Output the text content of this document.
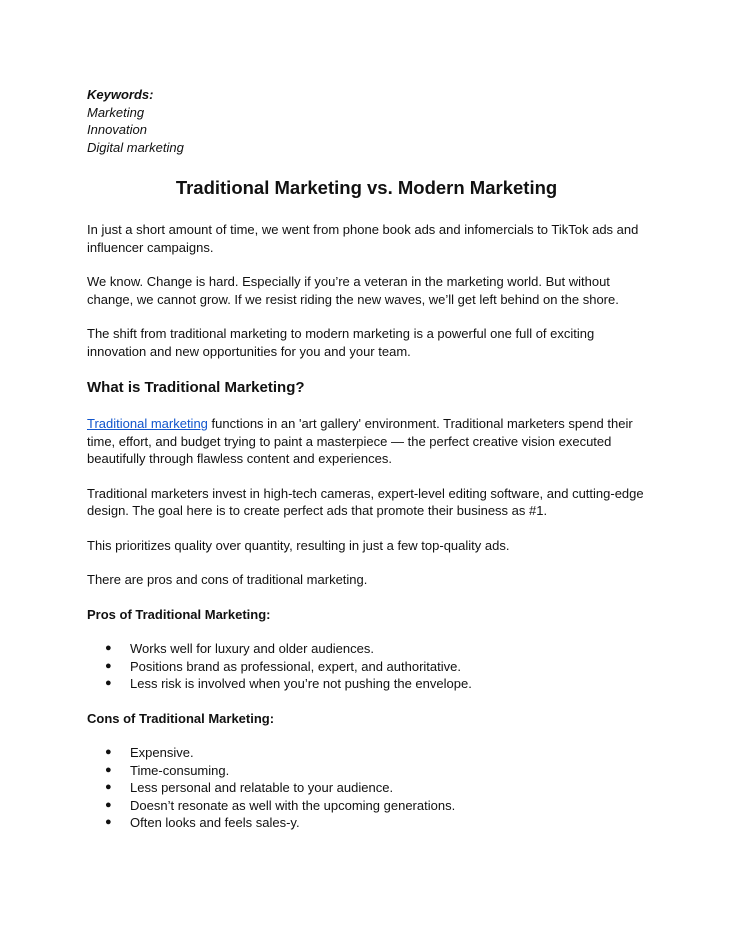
Keywords:
Marketing
Innovation
Digital marketing
Traditional Marketing vs. Modern Marketing

In just a short amount of time, we went from phone book ads and infomercials to TikTok ads and influencer campaigns.

We know. Change is hard. Especially if you’re a veteran in the marketing world. But without change, we cannot grow. If we resist riding the new waves, we’ll get left behind on the shore.

The shift from traditional marketing to modern marketing is a powerful one full of exciting innovation and new opportunities for you and your team.

What is Traditional Marketing?

Traditional marketing functions in an 'art gallery' environment. Traditional marketers spend their time, effort, and budget trying to paint a masterpiece — the perfect creative vision executed beautifully through flawless content and experiences.

Traditional marketers invest in high-tech cameras, expert-level editing software, and cutting-edge design. The goal here is to create perfect ads that promote their business as #1.

This prioritizes quality over quantity, resulting in just a few top-quality ads.

There are pros and cons of traditional marketing.

Pros of Traditional Marketing:
● Works well for luxury and older audiences.
● Positions brand as professional, expert, and authoritative.
● Less risk is involved when you’re not pushing the envelope.
Cons of Traditional Marketing:
● Expensive.
● Time-consuming.
● Less personal and relatable to your audience.
● Doesn’t resonate as well with the upcoming generations.
● Often looks and feels sales-y.
